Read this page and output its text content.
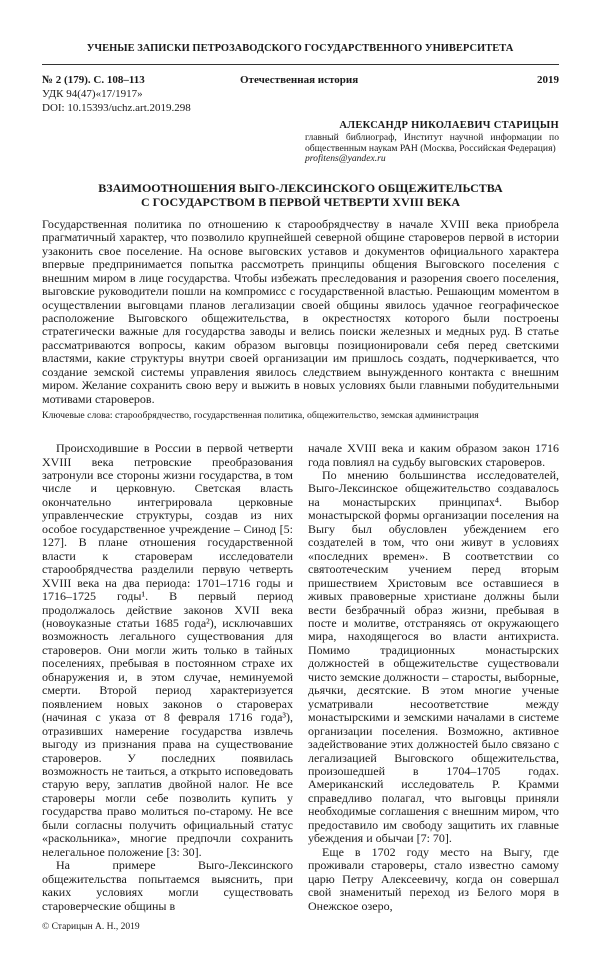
УЧЕНЫЕ ЗАПИСКИ ПЕТРОЗАВОДСКОГО ГОСУДАРСТВЕННОГО УНИВЕРСИТЕТА
№ 2 (179). С. 108–113	Отечественная история	2019
УДК 94(47)«17/1917»
DOI: 10.15393/uchz.art.2019.298
АЛЕКСАНДР НИКОЛАЕВИЧ СТАРИЦЫН
главный библиограф, Институт научной информации по общественным наукам РАН (Москва, Российская Федерация)
profitens@yandex.ru
ВЗАИМООТНОШЕНИЯ ВЫГО-ЛЕКСИНСКОГО ОБЩЕЖИТЕЛЬСТВА
С ГОСУДАРСТВОМ В ПЕРВОЙ ЧЕТВЕРТИ XVIII ВЕКА
Государственная политика по отношению к старообрядчеству в начале XVIII века приобрела прагматичный характер, что позволило крупнейшей северной общине староверов первой в истории узаконить свое поселение. На основе выговских уставов и документов официального характера впервые предпринимается попытка рассмотреть принципы общения Выговского поселения с внешним миром в лице государства. Чтобы избежать преследования и разорения своего поселения, выговские руководители пошли на компромисс с государственной властью. Решающим моментом в осуществлении выговцами планов легализации своей общины явилось удачное географическое расположение Выговского общежительства, в окрестностях которого были построены стратегически важные для государства заводы и велись поиски железных и медных руд. В статье рассматриваются вопросы, каким образом выговцы позиционировали себя перед светскими властями, какие структуры внутри своей организации им пришлось создать, подчеркивается, что создание земской системы управления явилось следствием вынужденного контакта с внешним миром. Желание сохранить свою веру и выжить в новых условиях были главными побудительными мотивами староверов.
Ключевые слова: старообрядчество, государственная политика, общежительство, земская администрация

Происходившие в России в первой четверти XVIII века петровские преобразования затронули все стороны жизни государства, в том числе и церковную. Светская власть окончательно интегрировала церковные управленческие структуры, создав из них особое государственное учреждение – Синод [5: 127]. В плане отношения государственной власти к староверам исследователи старообрядчества разделили первую четверть XVIII века на два периода: 1701–1716 годы и 1716–1725 годы¹. В первый период продолжалось действие законов XVII века (новоуказные статьи 1685 года²), исключавших возможность легального существования для староверов. Они могли жить только в тайных поселениях, пребывая в постоянном страхе их обнаружения и, в этом случае, неминуемой смерти. Второй период характеризуется появлением новых законов о староверах (начиная с указа от 8 февраля 1716 года³), отразивших намерение государства извлечь выгоду из признания права на существование староверов. У последних появилась возможность не таиться, а открыто исповедовать старую веру, заплатив двойной налог. Не все староверы могли себе позволить купить у государства право молиться по-старому. Не все были согласны получить официальный статус «раскольника», многие предпочли сохранить нелегальное положение [3: 30].

На примере Выго-Лексинского общежительства попытаемся выяснить, при каких условиях могли существовать староверческие общины в

© Старицын А. Н., 2019

начале XVIII века и каким образом закон 1716 года повлиял на судьбу выговских староверов.

По мнению большинства исследователей, Выго-Лексинское общежительство создавалось на монастырских принципах⁴. Выбор монастырской формы организации поселения на Выгу был обусловлен убеждением его создателей в том, что они живут в условиях «последних времен». В соответствии со святоотеческим учением перед вторым пришествием Христовым все оставшиеся в живых правоверные христиане должны были вести безбрачный образ жизни, пребывая в посте и молитве, отстраняясь от окружающего мира, находящегося во власти антихриста. Помимо традиционных монастырских должностей в общежительстве существовали чисто земские должности – старосты, выборные, дьячки, десятские. В этом многие ученые усматривали несоответствие между монастырскими и земскими началами в системе организации поселения. Возможно, активное задействование этих должностей было связано с легализацией Выговского общежительства, произошедшей в 1704–1705 годах. Американский исследователь Р. Крамми справедливо полагал, что выговцы приняли необходимые соглашения с внешним миром, что предоставило им свободу защитить их главные убеждения и обычаи [7: 70].

Еще в 1702 году место на Выгу, где проживали староверы, стало известно самому царю Петру Алексеевичу, когда он совершал свой знаменитый переход из Белого моря в Онежское озеро,
